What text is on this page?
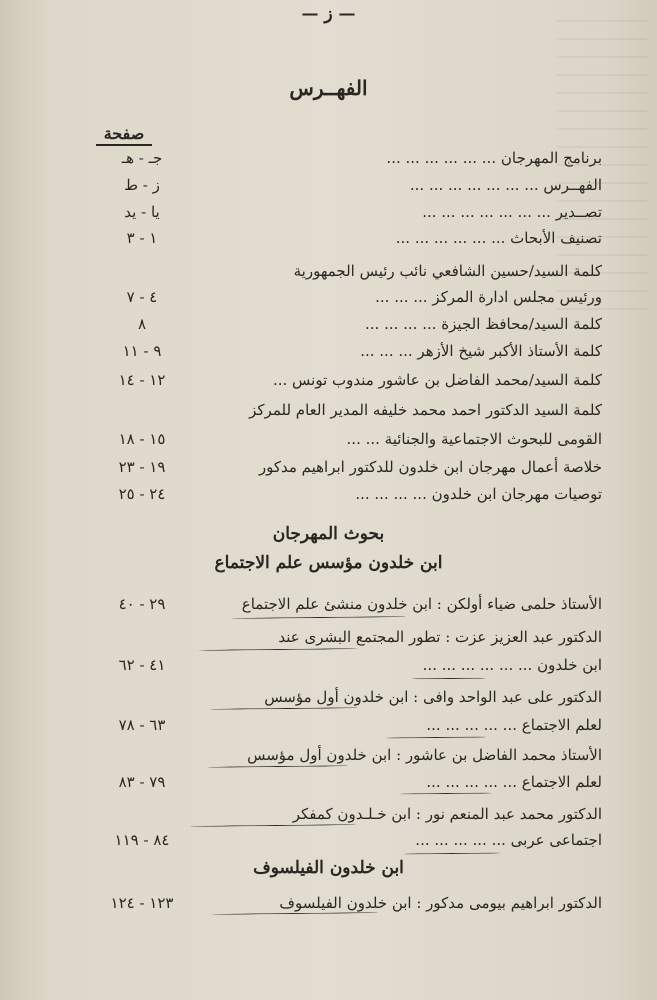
— ز —
الفهــرس
صفحة
برنامج المهرجان ... ... ... ... ... ...
جـ - هـ
الفهــرس ... ... ... ... ... ... ...
ز - ط
تصــدير ... ... ... ... ... ... ...
يا - يد
تصنيف الأبحاث ... ... ... ... ... ...
١ - ٣
كلمة السيد/حسين الشافعي نائب رئيس الجمهورية
ورئيس مجلس ادارة المركز ... ... ...
٤ - ٧
كلمة السيد/محافظ الجيزة ... ... ... ...
٨
كلمة الأستاذ الأكبر شيخ الأزهر ... ... ...
٩ - ١١
كلمة السيد/محمد الفاضل بن عاشور مندوب تونس ...
١٢ - ١٤
كلمة السيد الدكتور احمد محمد خليفه المدير العام للمركز
القومى للبحوث الاجتماعية والجنائية ... ...
١٥ - ١٨
خلاصة أعمال مهرجان ابن خلدون للدكتور ابراهيم مدكور
١٩ - ٢٣
توصيات مهرجان ابن خلدون ... ... ... ...
٢٤ - ٢٥
بحوث المهرجان
ابن خلدون مؤسس علم الاجتماع
الأستاذ حلمى ضياء أولكن : ابن خلدون منشئ علم الاجتماع
٢٩ - ٤٠
الدكتور عبد العزيز عزت : تطور المجتمع البشرى عند
ابن خلدون ... ... ... ... ... ...
٤١ - ٦٢
الدكتور على عبد الواحد وافى : ابن خلدون أول مؤسس
لعلم الاجتماع ... ... ... ... ...
٦٣ - ٧٨
الأستاذ محمد الفاضل بن عاشور : ابن خلدون أول مؤسس
لعلم الاجتماع ... ... ... ... ...
٧٩ - ٨٣
الدكتور محمد عبد المنعم نور : ابن خـلـدون كمفكر
اجتماعى عربى ... ... ... ... ...
٨٤ - ١١٩
ابن خلدون الفيلسوف
الدكتور ابراهيم بيومى مدكور : ابن خلدون الفيلسوف
١٢٣ - ١٢٤
